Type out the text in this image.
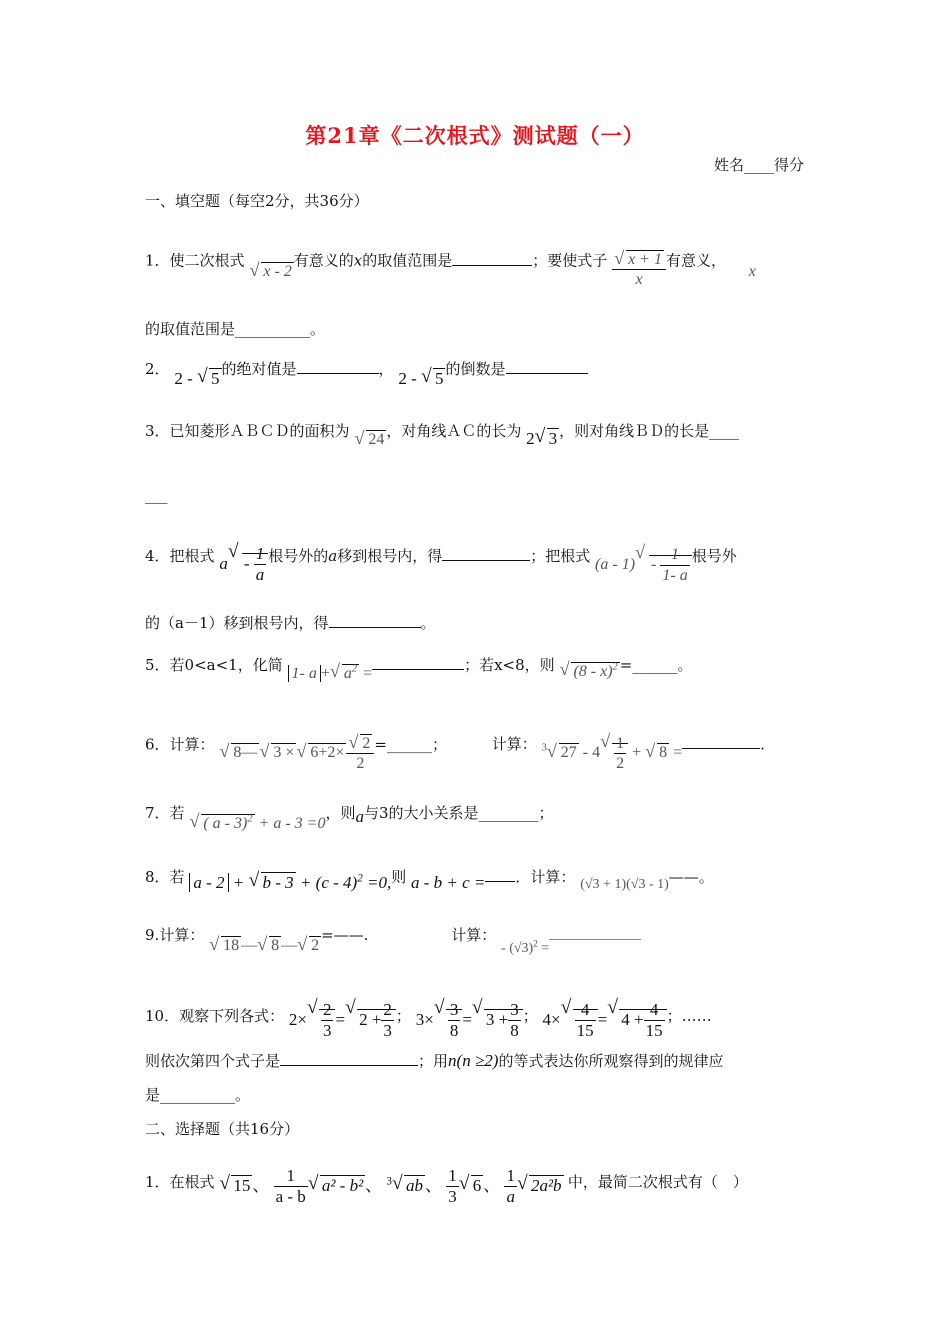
第21章《二次根式》测试题（一）
姓名____得分
一、填空题（每空2分，共36分）
1．使二次根式 √ x - 2有意义的x的取值范围是	；要使式子
√ $\frac{x + 1}{x}$ 有意义， x
的取值范围是__________。
2． 2 - √ 5 的绝对值是	， 2 - √ 5 的倒数是
3．已知菱形ＡＢＣＤ的面积为 √ 24 ，对角线ＡＣ的长为 2√ 3 ，则对角线ＢＤ的长是____
___
4．把根式 $a√ - \frac{1}{a}$ 根号外的a移到根号内，得	；把根式 $(a - 1)√ - \frac{1}{1- a}$ 根号外
的（a－1）移到根号内，得	。
5．若0<a<1，化简 1- a +√ $a^2$ =	；若x<8，则 √ (8 - x)$^2$ =______。
6．计算： √ 8—√ 3 ×√ 6+2×
√ $\frac{2}{2}$ =______；	计算： $^3$√ 27 - 4
√ $\frac{1}{2}$ + √ 8 =	.
7．若 √ ( a - 3)$^2$ + a - 3 =0，则a与3的大小关系是________；
8．若 a - 2 + √ b - 3 + (c - 4)$^2$ =0,则 a - b + c = ．计算： (√3 + 1)(√3 - 1)——。
9.计算： √ 18 —√ 8 —√ 2=——.	计算： - $(√3)^2$ =
10．观察下列各式： 2×
√ $\frac{2}{3}$ =√ $2 + \frac{2}{3}$ ； 3×
√ $\frac{3}{8}$ =√ $3 + \frac{3}{8}$ ； 4×
√ $\frac{4}{15}$ =√ $4 + \frac{4}{15}$ ；……
则依次第四个式子是	；用n(n ≥2)的等式表达你所观察得到的规律应
是__________。
二、选择题（共16分）
1．在根式 √ 15 、 $\frac{1}{a - b}$
√ a² - b² 、 $^3$√ ab 、 $\frac{1}{3}$
√ 6 、 $\frac{1}{a}$
√ 2a²b 中，最简二次根式有（　）
